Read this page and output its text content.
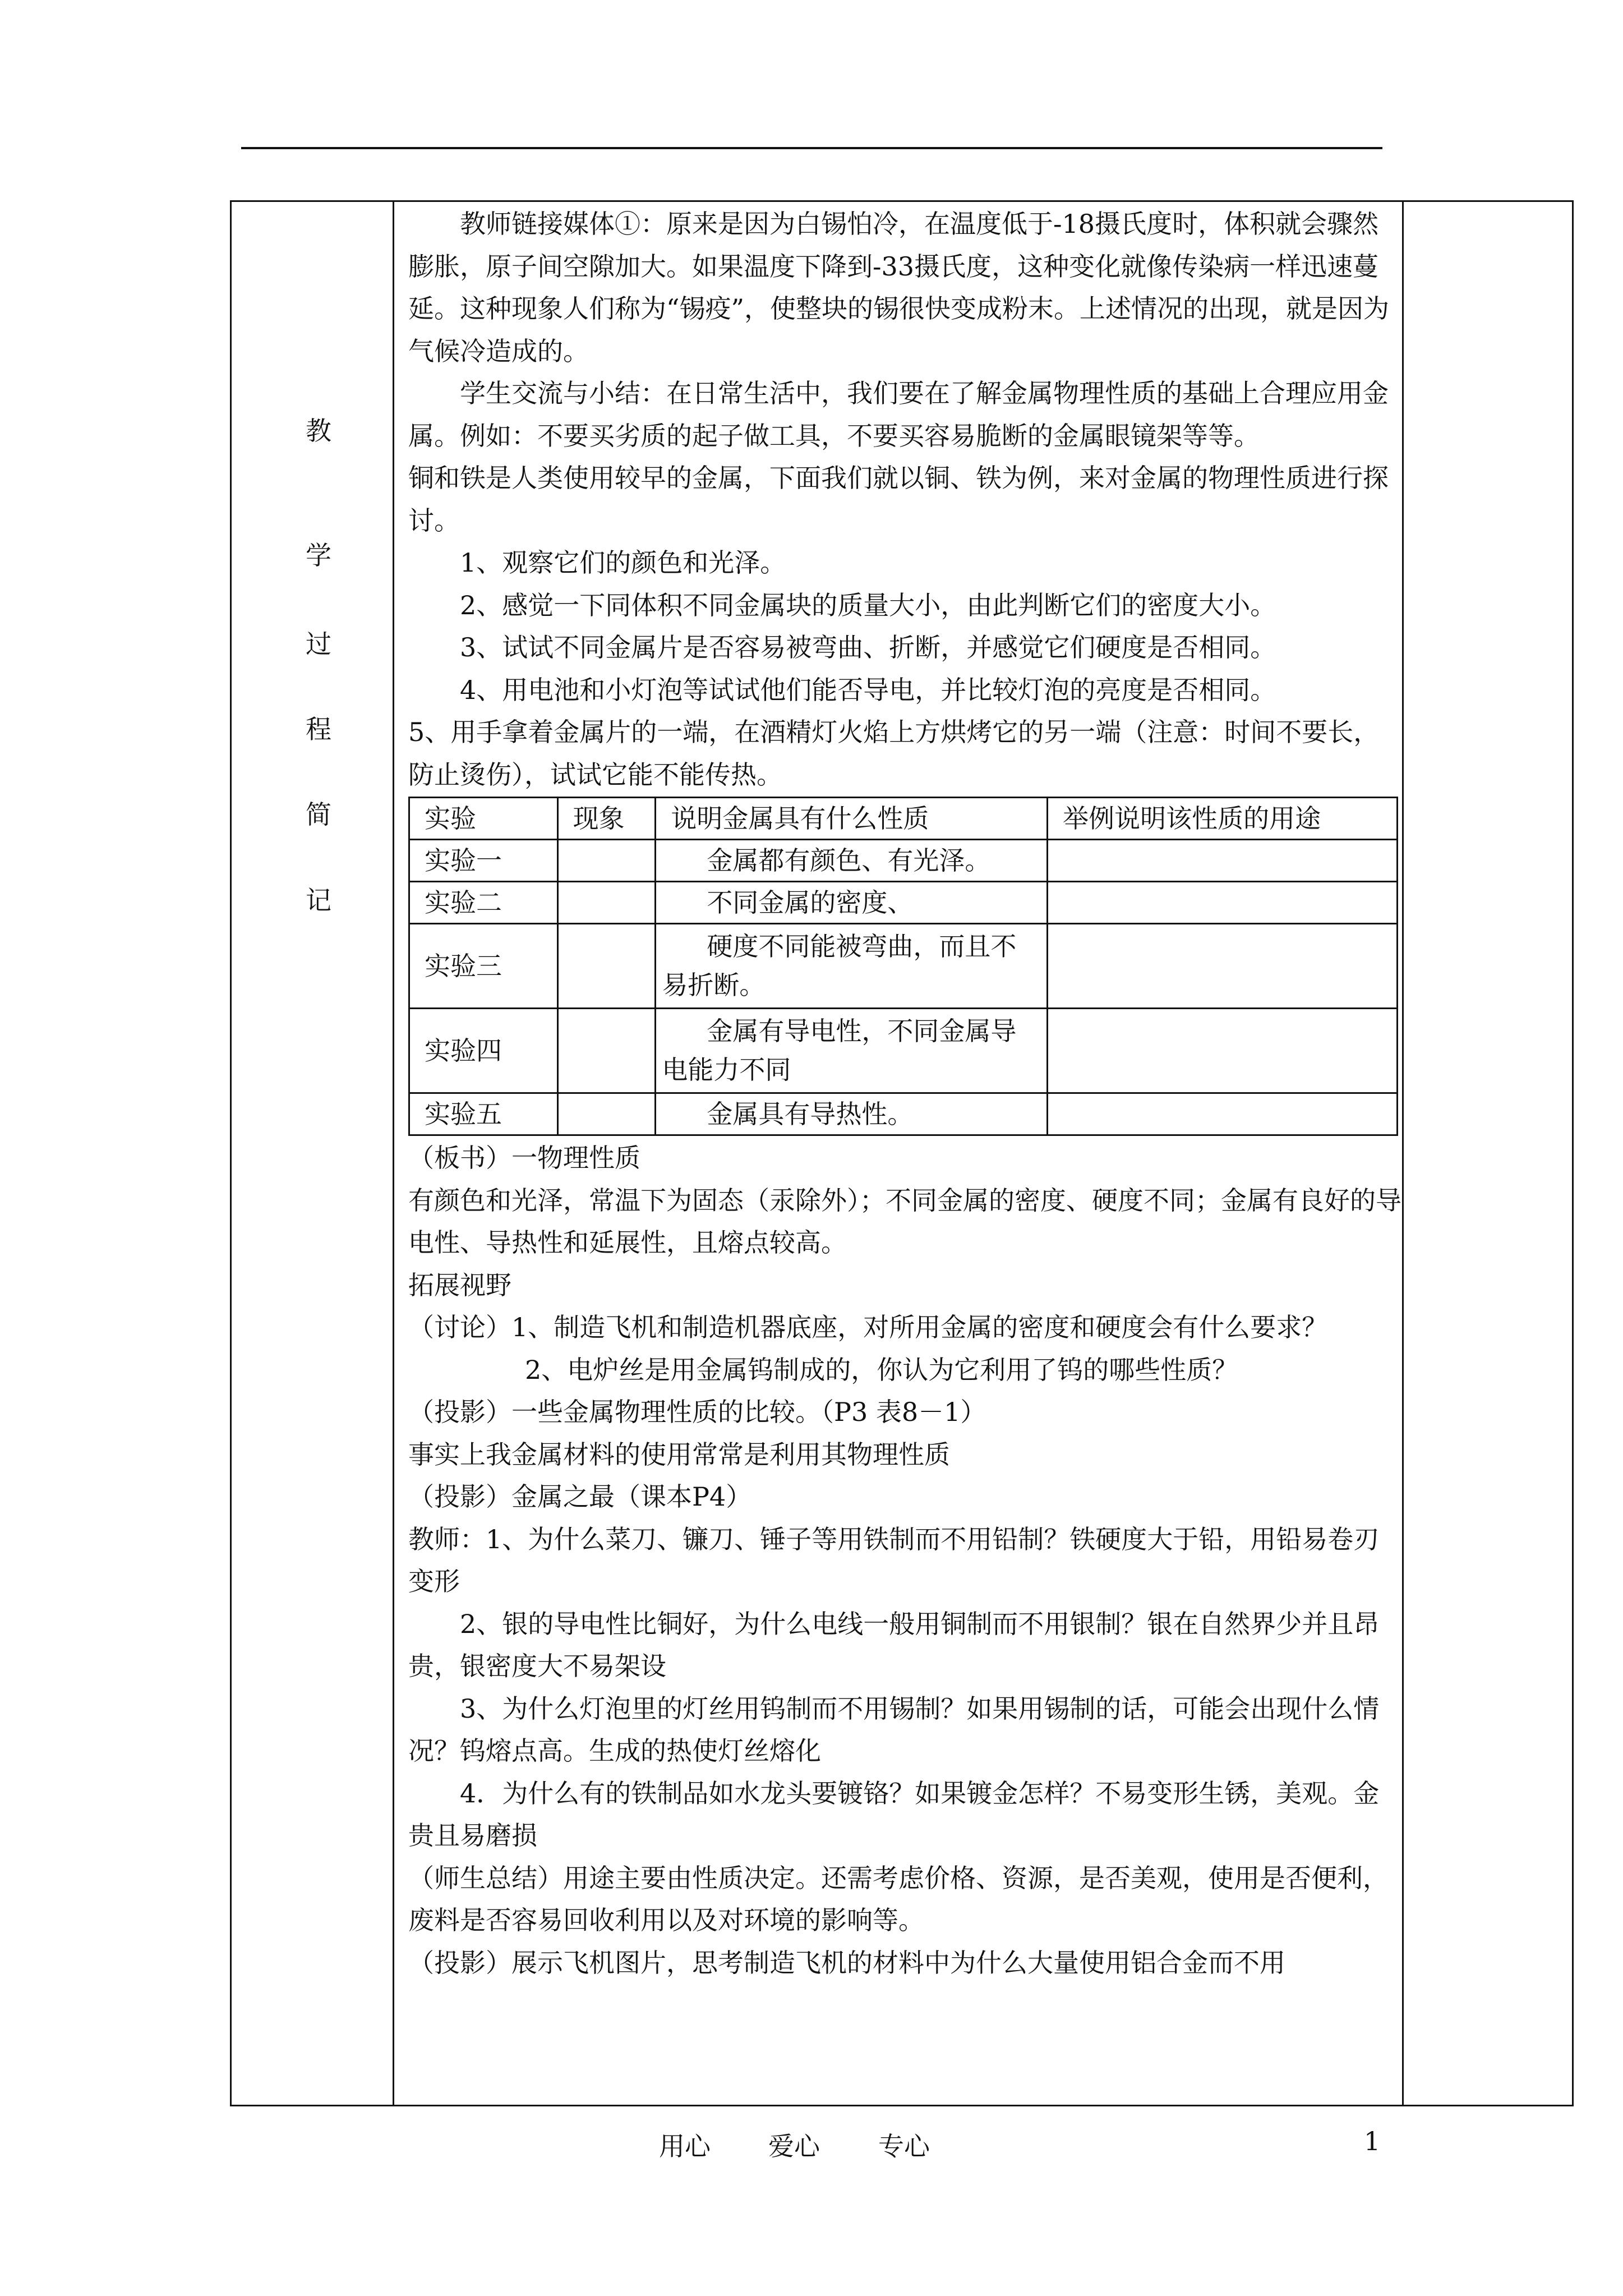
教
学
过
程
简
记

教师链接媒体①：原来是因为白锡怕冷，在温度低于-18摄氏度时，体积就会骤然膨胀，原子间空隙加大。如果温度下降到-33摄氏度，这种变化就像传染病一样迅速蔓延。这种现象人们称为“锡疫”，使整块的锡很快变成粉末。上述情况的出现，就是因为气候冷造成的。

学生交流与小结：在日常生活中，我们要在了解金属物理性质的基础上合理应用金属。例如：不要买劣质的起子做工具，不要买容易脆断的金属眼镜架等等。

铜和铁是人类使用较早的金属，下面我们就以铜、铁为例，来对金属的物理性质进行探讨。

1、观察它们的颜色和光泽。

2、感觉一下同体积不同金属块的质量大小，由此判断它们的密度大小。

3、试试不同金属片是否容易被弯曲、折断，并感觉它们硬度是否相同。

4、用电池和小灯泡等试试他们能否导电，并比较灯泡的亮度是否相同。

5、用手拿着金属片的一端，在酒精灯火焰上方烘烤它的另一端（注意：时间不要长，防止烫伤），试试它能不能传热。

实验	现象	说明金属具有什么性质	举例说明该性质的用途
实验一		金属都有颜色、有光泽。	
实验二		不同金属的密度、	
实验三		硬度不同能被弯曲，而且不易折断。	
实验四		金属有导电性，不同金属导电能力不同	
实验五		金属具有导热性。	

（板书）一物理性质

有颜色和光泽，常温下为固态（汞除外）；不同金属的密度、硬度不同；金属有良好的导电性、导热性和延展性，且熔点较高。

拓展视野

（讨论）1、制造飞机和制造机器底座，对所用金属的密度和硬度会有什么要求？

2、电炉丝是用金属钨制成的，你认为它利用了钨的哪些性质？

（投影）一些金属物理性质的比较。（P3 表8－1）

事实上我金属材料的使用常常是利用其物理性质

（投影）金属之最（课本P4）

教师：1、为什么菜刀、镰刀、锤子等用铁制而不用铅制？铁硬度大于铅，用铅易卷刃变形

2、银的导电性比铜好，为什么电线一般用铜制而不用银制？银在自然界少并且昂贵，银密度大不易架设

3、为什么灯泡里的灯丝用钨制而不用锡制？如果用锡制的话，可能会出现什么情况？钨熔点高。生成的热使灯丝熔化

4．为什么有的铁制品如水龙头要镀铬？如果镀金怎样？不易变形生锈，美观。金贵且易磨损

（师生总结）用途主要由性质决定。还需考虑价格、资源，是否美观，使用是否便利，废料是否容易回收利用以及对环境的影响等。

（投影）展示飞机图片，思考制造飞机的材料中为什么大量使用铝合金而不用

用心 爱心 专心	1
